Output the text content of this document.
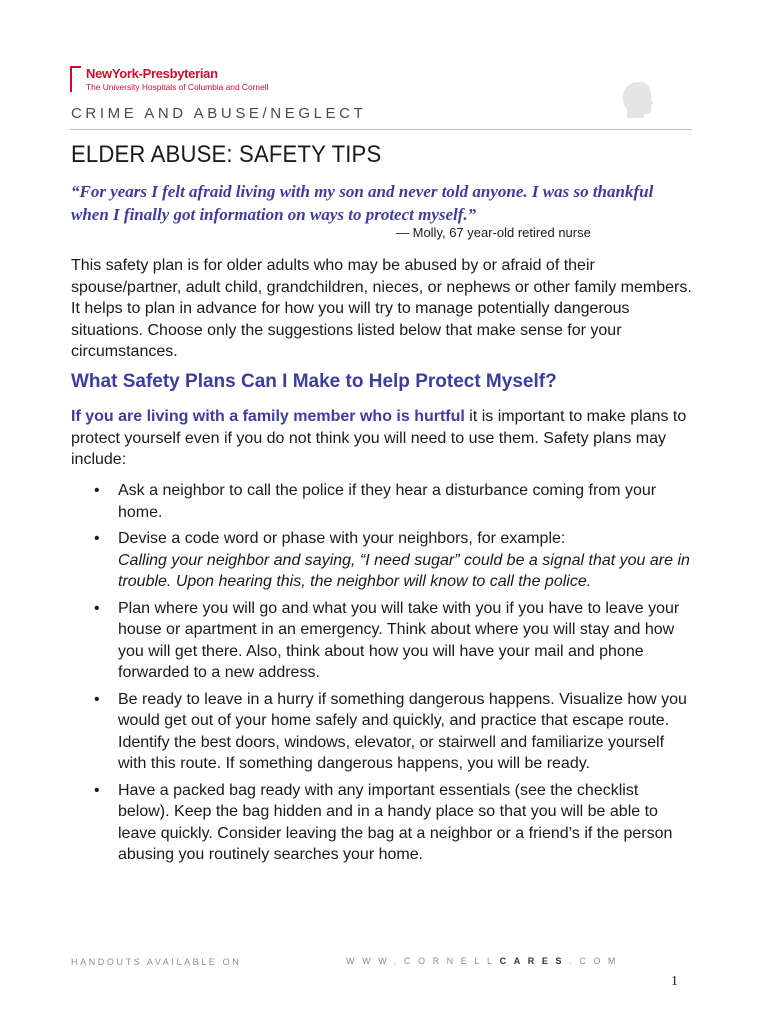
NewYork-Presbyterian
The University Hospitals of Columbia and Cornell
CRIME AND ABUSE/NEGLECT
ELDER ABUSE: SAFETY TIPS
“For years I felt afraid living with my son and never told anyone. I was so thankful when I finally got information on ways to protect myself.”
— Molly, 67 year-old retired nurse

This safety plan is for older adults who may be abused by or afraid of their spouse/partner, adult child, grandchildren, nieces, or nephews or other family members. It helps to plan in advance for how you will try to manage potentially dangerous situations. Choose only the suggestions listed below that make sense for your circumstances.

What Safety Plans Can I Make to Help Protect Myself?
If you are living with a family member who is hurtful it is important to make plans to protect yourself even if you do not think you will need to use them. Safety plans may include:
• Ask a neighbor to call the police if they hear a disturbance coming from your home.
• Devise a code word or phase with your neighbors, for example:
Calling your neighbor and saying, “I need sugar” could be a signal that you are in trouble. Upon hearing this, the neighbor will know to call the police.
• Plan where you will go and what you will take with you if you have to leave your house or apartment in an emergency. Think about where you will stay and how you will get there. Also, think about how you will have your mail and phone forwarded to a new address.
• Be ready to leave in a hurry if something dangerous happens. Visualize how you would get out of your home safely and quickly, and practice that escape route. Identify the best doors, windows, elevator, or stairwell and familiarize yourself with this route. If something dangerous happens, you will be ready.
• Have a packed bag ready with any important essentials (see the checklist below). Keep the bag hidden and in a handy place so that you will be able to leave quickly. Consider leaving the bag at a neighbor or a friend’s if the person abusing you routinely searches your home.
HANDOUTS AVAILABLE ON	WWW.CORNELLCARES.COM
1
